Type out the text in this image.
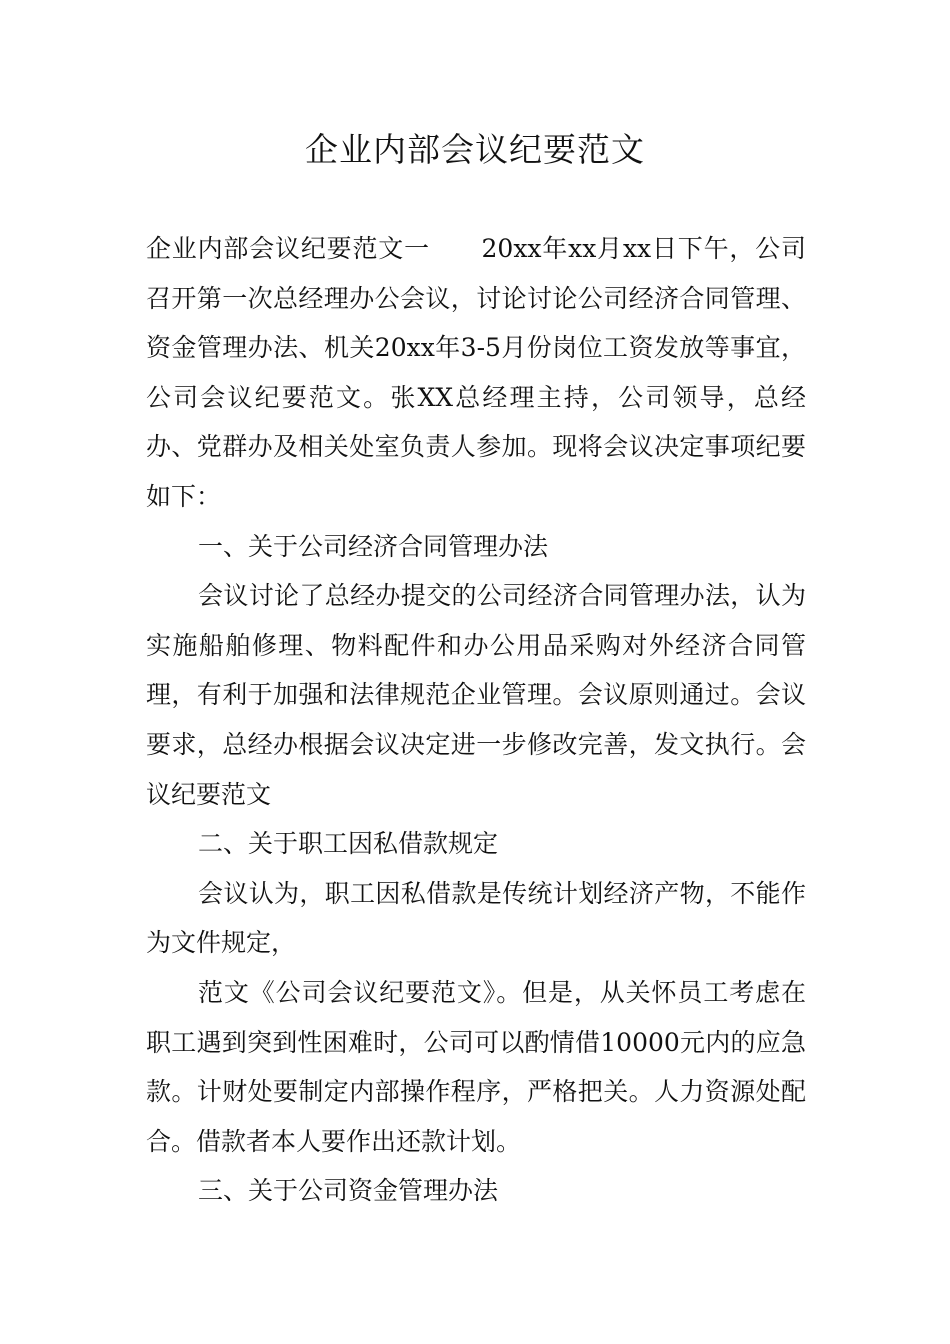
企业内部会议纪要范文

企业内部会议纪要范文一　　20xx年xx月xx日下午，公司召开第一次总经理办公会议，讨论讨论公司经济合同管理、资金管理办法、机关20xx年3-5月份岗位工资发放等事宜，公司会议纪要范文。张XX总经理主持，公司领导，总经办、党群办及相关处室负责人参加。现将会议决定事项纪要如下：

一、关于公司经济合同管理办法

会议讨论了总经办提交的公司经济合同管理办法，认为实施船舶修理、物料配件和办公用品采购对外经济合同管理，有利于加强和法律规范企业管理。会议原则通过。会议要求，总经办根据会议决定进一步修改完善，发文执行。会议纪要范文

二、关于职工因私借款规定

会议认为，职工因私借款是传统计划经济产物，不能作为文件规定，

范文《公司会议纪要范文》。但是，从关怀员工考虑在职工遇到突到性困难时，公司可以酌情借10000元内的应急款。计财处要制定内部操作程序，严格把关。人力资源处配合。借款者本人要作出还款计划。

三、关于公司资金管理办法
